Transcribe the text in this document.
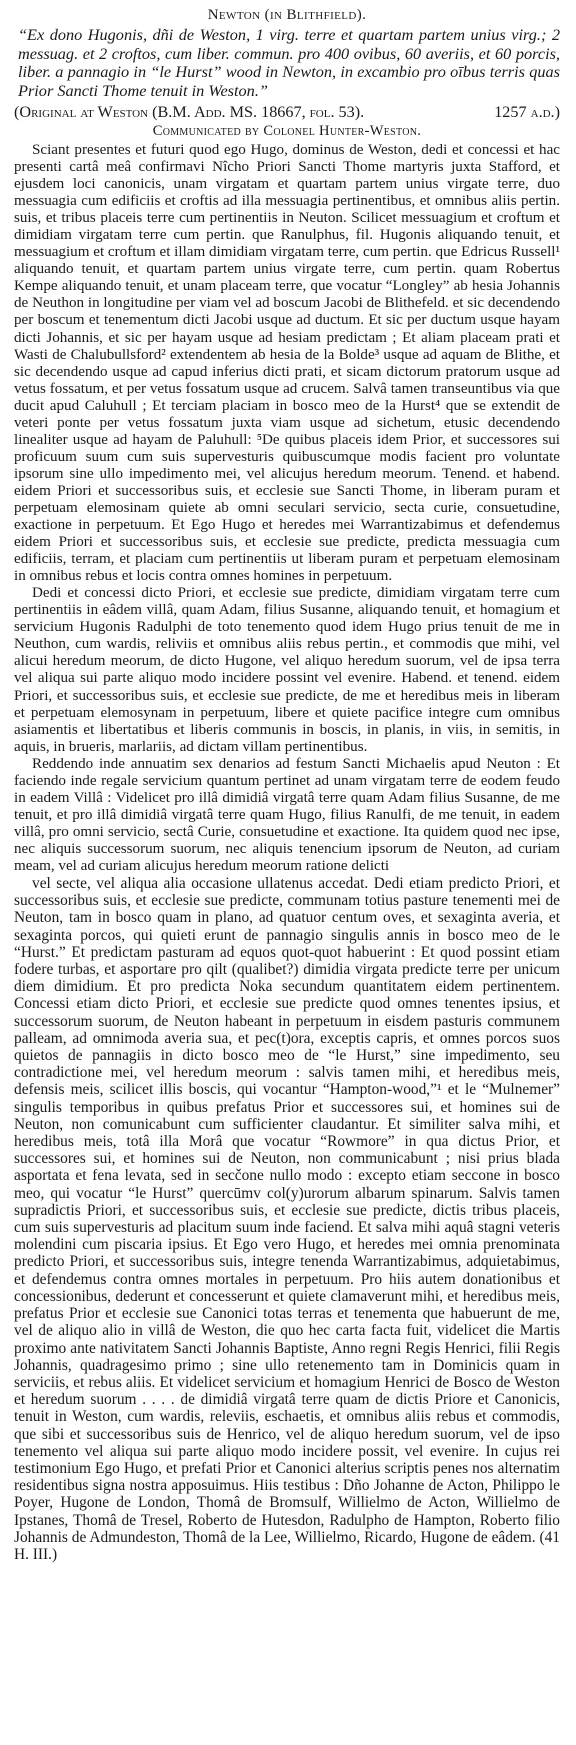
Newton (in Blithfield).

“Ex dono Hugonis, dñi de Weston, 1 virg. terre et quartam partem unius virg.; 2 messuag. et 2 croftos, cum liber. commun. pro 400 ovibus, 60 averiis, et 60 porcis, liber. a pannagio in “le Hurst” wood in Newton, in excambio pro oībus terris quas Prior Sancti Thome tenuit in Weston.”

(Original at Weston (B.M. Add. MS. 18667, fol. 53).	1257 a.d.)
Communicated by Colonel Hunter-Weston.

Sciant presentes et futuri quod ego Hugo, dominus de Weston, dedi et concessi et hac presenti cartâ meâ confirmavi Nîcho Priori Sancti Thome martyris juxta Stafford, et ejusdem loci canonicis, unam virgatam et quartam partem unius virgate terre, duo messuagia cum edificiis et croftis ad illa messuagia pertinentibus, et omnibus aliis pertin. suis, et tribus placeis terre cum pertinentiis in Neuton. Scilicet messuagium et croftum et dimidiam virgatam terre cum pertin. que Ranulphus, fil. Hugonis aliquando tenuit, et messuagium et croftum et illam dimidiam virgatam terre, cum pertin. que Edricus Russell¹ aliquando tenuit, et quartam partem unius virgate terre, cum pertin. quam Robertus Kempe aliquando tenuit, et unam placeam terre, que vocatur “Longley” ab hesia Johannis de Neuthon in longitudine per viam vel ad boscum Jacobi de Blithefeld. et sic decendendo per boscum et tenementum dicti Jacobi usque ad ductum. Et sic per ductum usque hayam dicti Johannis, et sic per hayam usque ad hesiam predictam ; Et aliam placeam prati et Wasti de Chalubullsford² extendentem ab hesia de la Bolde³ usque ad aquam de Blithe, et sic decendendo usque ad capud inferius dicti prati, et sicam dictorum pratorum usque ad vetus fossatum, et per vetus fossatum usque ad crucem. Salvâ tamen transeuntibus via que ducit apud Caluhull ; Et terciam placiam in bosco meo de la Hurst⁴ que se extendit de veteri ponte per vetus fossatum juxta viam usque ad sichetum, etusic decendendo linealiter usque ad hayam de Paluhull: ⁵De quibus placeis idem Prior, et successores sui proficuum suum cum suis supervesturis quibuscumque modis facient pro voluntate ipsorum sine ullo impedimento mei, vel alicujus heredum meorum. Tenend. et habend. eidem Priori et successoribus suis, et ecclesie sue Sancti Thome, in liberam puram et perpetuam elemosinam quiete ab omni seculari servicio, secta curie, consuetudine, exactione in perpetuum. Et Ego Hugo et heredes mei Warrantizabimus et defendemus eidem Priori et successoribus suis, et ecclesie sue predicte, predicta messuagia cum edificiis, terram, et placiam cum pertinentiis ut liberam puram et perpetuam elemosinam in omnibus rebus et locis contra omnes homines in perpetuum.

Dedi et concessi dicto Priori, et ecclesie sue predicte, dimidiam virgatam terre cum pertinentiis in eâdem villâ, quam Adam, filius Susanne, aliquando tenuit, et homagium et servicium Hugonis Radulphi de toto tenemento quod idem Hugo prius tenuit de me in Neuthon, cum wardis, reliviis et omnibus aliis rebus pertin., et commodis que mihi, vel alicui heredum meorum, de dicto Hugone, vel aliquo heredum suorum, vel de ipsa terra vel aliqua sui parte aliquo modo incidere possint vel evenire. Habend. et tenend. eidem Priori, et successoribus suis, et ecclesie sue predicte, de me et heredibus meis in liberam et perpetuam elemosynam in perpetuum, libere et quiete pacifice integre cum omnibus asiamentis et libertatibus et liberis communis in boscis, in planis, in viis, in semitis, in aquis, in brueris, marlariis, ad dictam villam pertinentibus.

Reddendo inde annuatim sex denarios ad festum Sancti Michaelis apud Neuton : Et faciendo inde regale servicium quantum pertinet ad unam virgatam terre de eodem feudo in eadem Villâ : Videlicet pro illâ dimidiâ virgatâ terre quam Adam filius Susanne, de me tenuit, et pro illâ dimidiâ virgatâ terre quam Hugo, filius Ranulfi, de me tenuit, in eadem villâ, pro omni servicio, sectâ Curie, consuetudine et exactione. Ita quidem quod nec ipse, nec aliquis successorum suorum, nec aliquis tenencium ipsorum de Neuton, ad curiam meam, vel ad curiam alicujus heredum meorum ratione delicti

vel secte, vel aliqua alia occasione ullatenus accedat. Dedi etiam predicto Priori, et successoribus suis, et ecclesie sue predicte, communam totius pasture tenementi mei de Neuton, tam in bosco quam in plano, ad quatuor centum oves, et sexaginta averia, et sexaginta porcos, qui quieti erunt de pannagio singulis annis in bosco meo de le “Hurst.” Et predictam pasturam ad equos quot-quot habuerint : Et quod possint etiam fodere turbas, et asportare pro qilt (qualibet?) dimidia virgata predicte terre per unicum diem dimidium. Et pro predicta Noka secundum quantitatem eidem pertinentem. Concessi etiam dicto Priori, et ecclesie sue predicte quod omnes tenentes ipsius, et successorum suorum, de Neuton habeant in perpetuum in eisdem pasturis communem palleam, ad omnimoda averia sua, et pec(t)ora, exceptis capris, et omnes porcos suos quietos de pannagiis in dicto bosco meo de “le Hurst,” sine impedimento, seu contradictione mei, vel heredum meorum : salvis tamen mihi, et heredibus meis, defensis meis, scilicet illis boscis, qui vocantur “Hampton-wood,”¹ et le “Mulnemer” singulis temporibus in quibus prefatus Prior et successores sui, et homines sui de Neuton, non comunicabunt cum sufficienter claudantur. Et similiter salva mihi, et heredibus meis, totâ illa Morâ que vocatur “Rowmore” in qua dictus Prior, et successores sui, et homines sui de Neuton, non communicabunt ; nisi prius blada asportata et fena levata, sed in secčone nullo modo : excepto etiam seccone in bosco meo, qui vocatur “le Hurst” quercūmv col(y)urorum albarum spinarum. Salvis tamen supradictis Priori, et successoribus suis, et ecclesie sue predicte, dictis tribus placeis, cum suis supervesturis ad placitum suum inde faciend. Et salva mihi aquâ stagni veteris molendini cum piscaria ipsius. Et Ego vero Hugo, et heredes mei omnia prenominata predicto Priori, et successoribus suis, integre tenenda Warrantizabimus, adquietabimus, et defendemus contra omnes mortales in perpetuum. Pro hiis autem donationibus et concessionibus, dederunt et concesserunt et quiete clamaverunt mihi, et heredibus meis, prefatus Prior et ecclesie sue Canonici totas terras et tenementa que habuerunt de me, vel de aliquo alio in villâ de Weston, die quo hec carta facta fuit, videlicet die Martis proximo ante nativitatem Sancti Johannis Baptiste, Anno regni Regis Henrici, filii Regis Johannis, quadragesimo primo ; sine ullo retenemento tam in Dominicis quam in serviciis, et rebus aliis. Et videlicet servicium et homagium Henrici de Bosco de Weston et heredum suorum . . . . de dimidiâ virgatâ terre quam de dictis Priore et Canonicis, tenuit in Weston, cum wardis, releviis, eschaetis, et omnibus aliis rebus et commodis, que sibi et successoribus suis de Henrico, vel de aliquo heredum suorum, vel de ipso tenemento vel aliqua sui parte aliquo modo incidere possit, vel evenire. In cujus rei testimonium Ego Hugo, et prefati Prior et Canonici alterius scriptis penes nos alternatim residentibus signa nostra apposuimus. Hiis testibus : Dño Johanne de Acton, Philippo le Poyer, Hugone de London, Thomâ de Bromsulf, Willielmo de Acton, Willielmo de Ipstanes, Thomâ de Tresel, Roberto de Hutesdon, Radulpho de Hampton, Roberto filio Johannis de Admundeston, Thomâ de la Lee, Willielmo, Ricardo, Hugone de eâdem. (41 H. III.)
